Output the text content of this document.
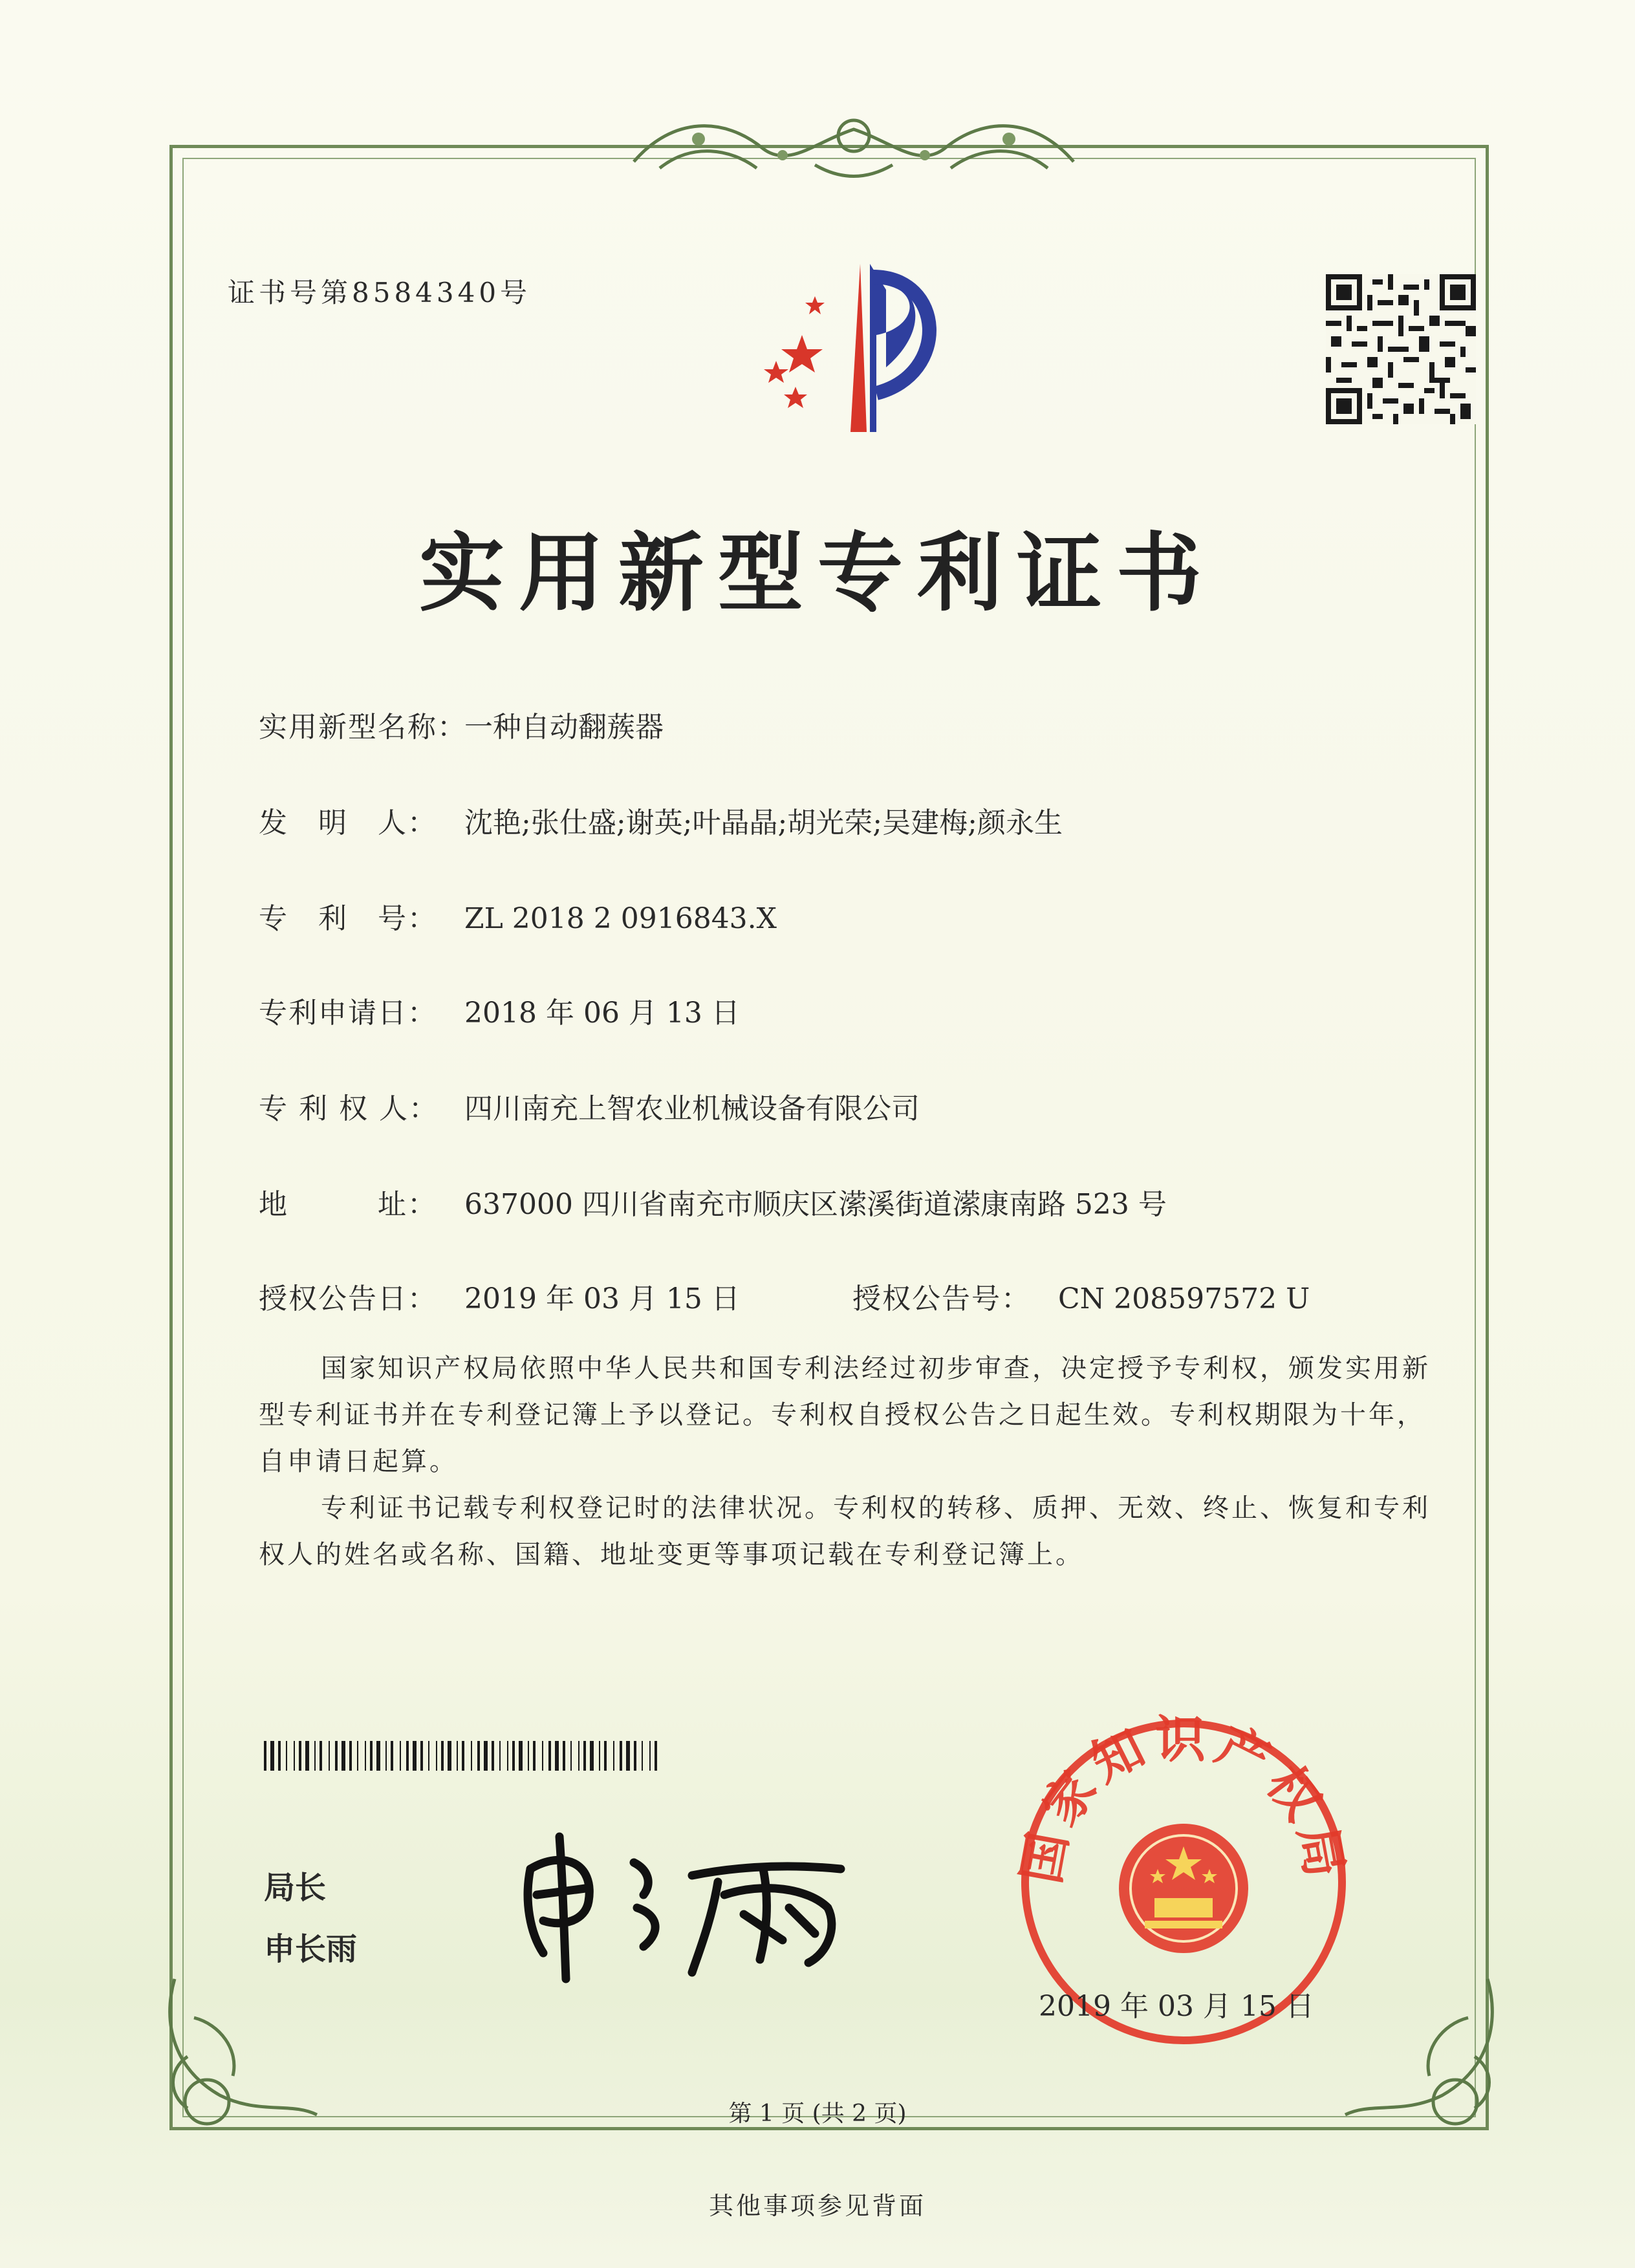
证书号第8584340号
实用新型专利证书
实用新型名称：一种自动翻蔟器
发　明　人： 沈艳;张仕盛;谢英;叶晶晶;胡光荣;吴建梅;颜永生
专　利　号： ZL 2018 2 0916843.X
专利申请日： 2018 年 06 月 13 日
专 利 权 人： 四川南充上智农业机械设备有限公司
地　　　址： 637000 四川省南充市顺庆区潆溪街道潆康南路 523 号
授权公告日： 2019 年 03 月 15 日	授权公告号： CN 208597572 U
国家知识产权局依照中华人民共和国专利法经过初步审查，决定授予专利权，颁发实用新型专利证书并在专利登记簿上予以登记。专利权自授权公告之日起生效。专利权期限为十年，自申请日起算。
专利证书记载专利权登记时的法律状况。专利权的转移、质押、无效、终止、恢复和专利权人的姓名或名称、国籍、地址变更等事项记载在专利登记簿上。
局长
申长雨
国家知识产权局
2019 年 03 月 15 日
第 1 页 (共 2 页)
其他事项参见背面
